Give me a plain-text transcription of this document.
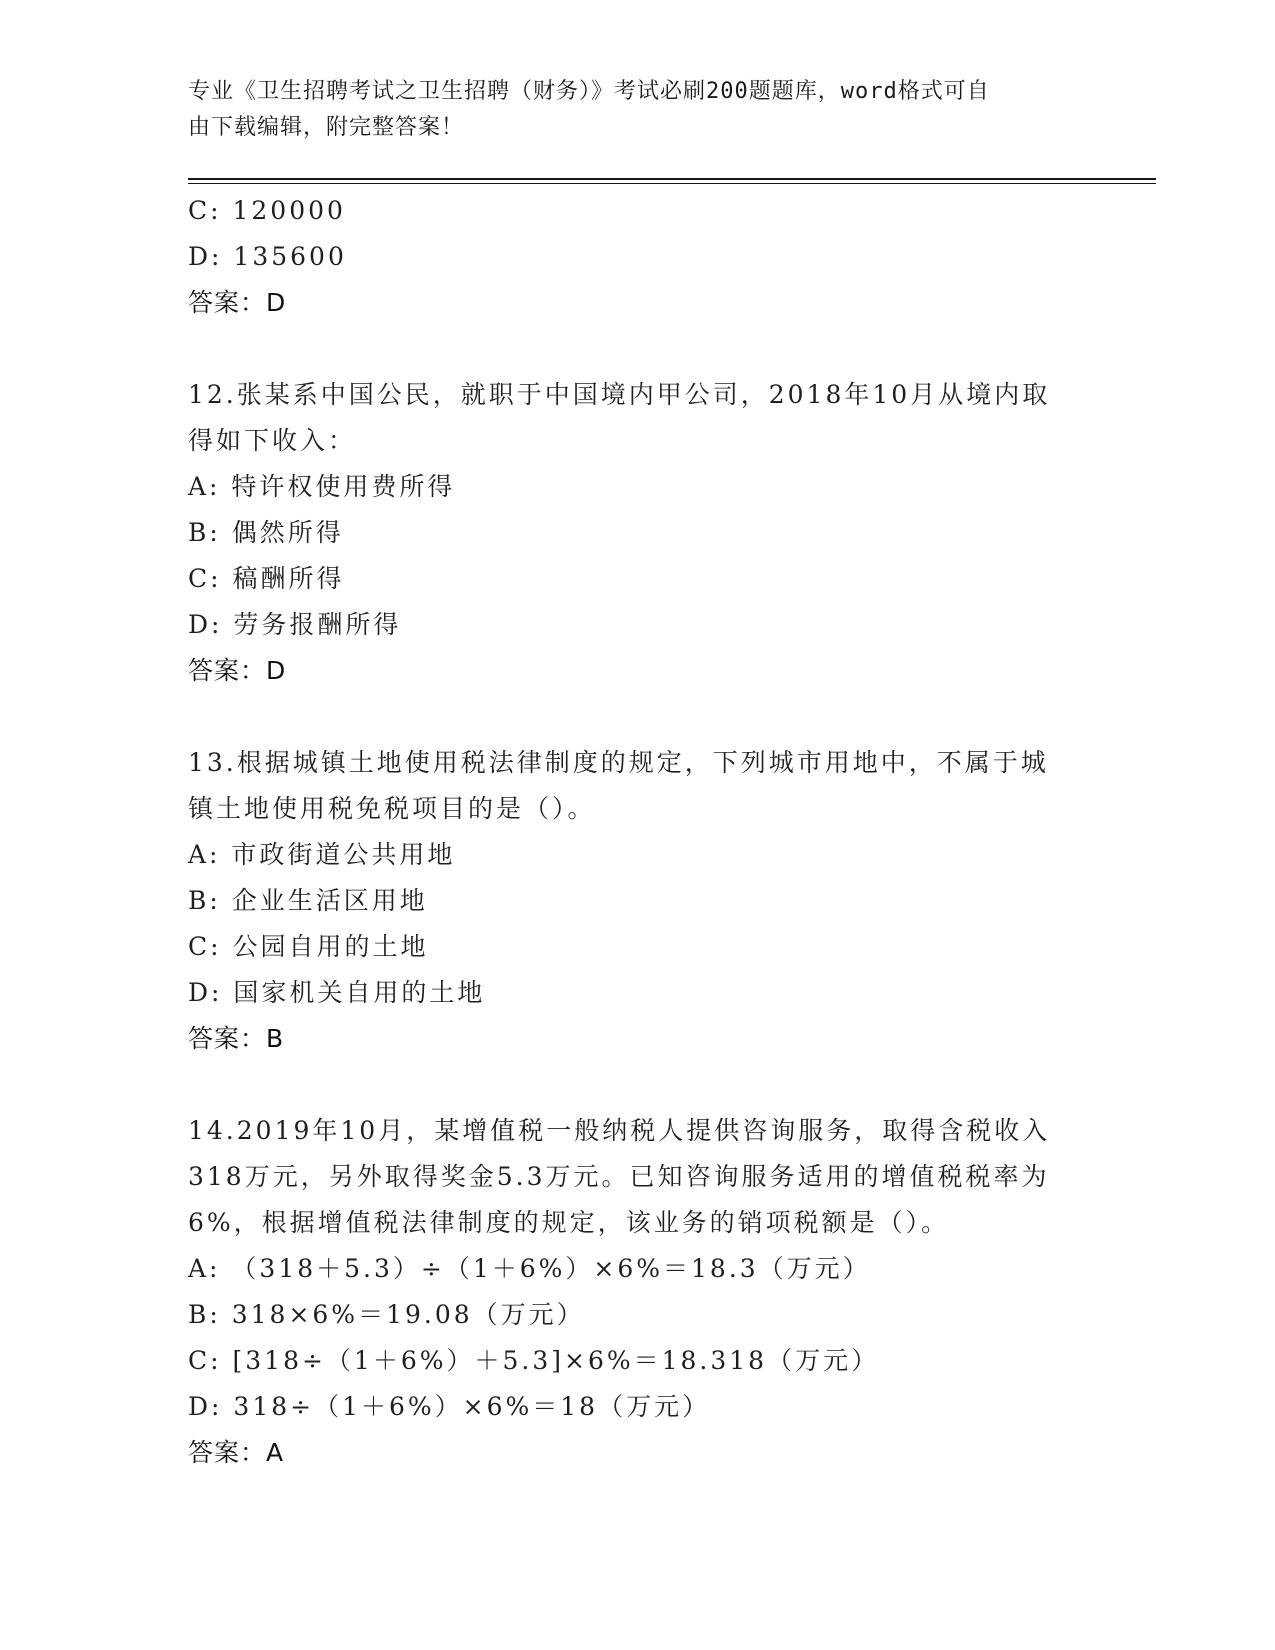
专业《卫生招聘考试之卫生招聘（财务）》考试必刷200题题库，word格式可自
由下载编辑，附完整答案！
C: 120000
D: 135600
答案：D
12.张某系中国公民，就职于中国境内甲公司，2018年10月从境内取
得如下收入：
A: 特许权使用费所得
B: 偶然所得
C: 稿酬所得
D: 劳务报酬所得
答案：D
13.根据城镇土地使用税法律制度的规定，下列城市用地中，不属于城
镇土地使用税免税项目的是（）。
A: 市政街道公共用地
B: 企业生活区用地
C: 公园自用的土地
D: 国家机关自用的土地
答案：B
14.2019年10月，某增值税一般纳税人提供咨询服务，取得含税收入
318万元，另外取得奖金5.3万元。已知咨询服务适用的增值税税率为
6%，根据增值税法律制度的规定，该业务的销项税额是（）。
A: （318＋5.3）÷（1＋6%）×6%＝18.3（万元）
B: 318×6%＝19.08（万元）
C: [318÷（1＋6%）＋5.3]×6%＝18.318（万元）
D: 318÷（1＋6%）×6%＝18（万元）
答案：A
